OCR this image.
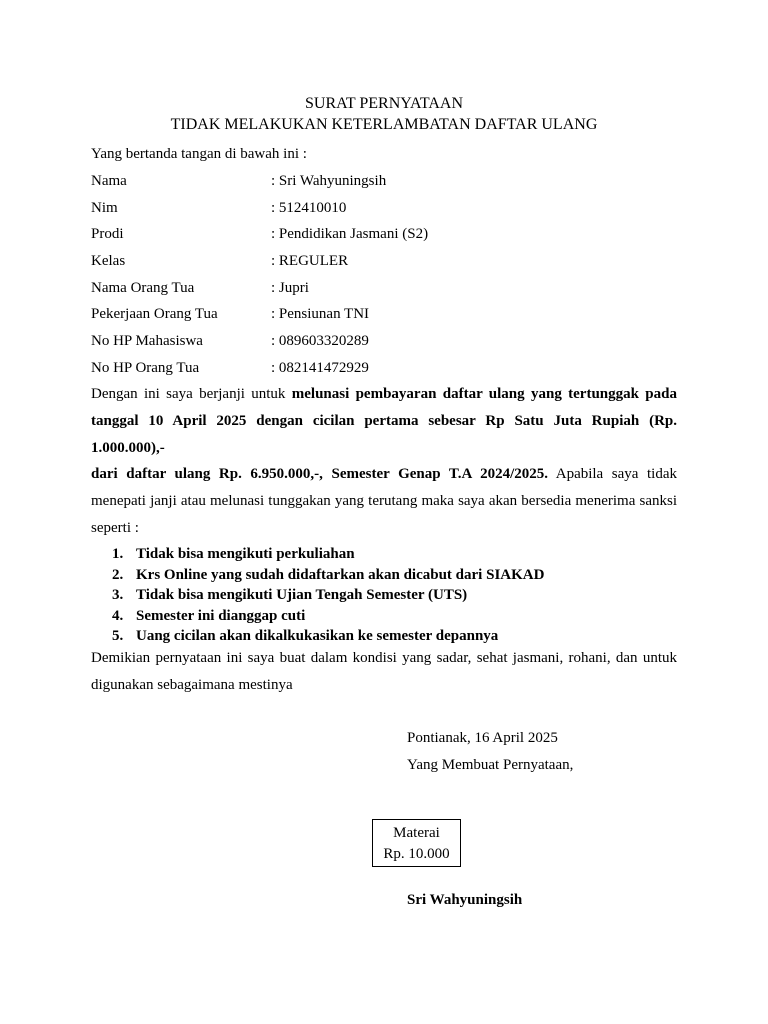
SURAT PERNYATAAN
TIDAK MELAKUKAN KETERLAMBATAN DAFTAR ULANG
Yang bertanda tangan di bawah ini :
Nama	: Sri Wahyuningsih
Nim	: 512410010
Prodi	: Pendidikan Jasmani (S2)
Kelas	: REGULER
Nama Orang Tua	: Jupri
Pekerjaan Orang Tua	: Pensiunan TNI
No HP Mahasiswa	: 089603320289
No HP Orang Tua	: 082141472929
Dengan ini saya berjanji untuk melunasi pembayaran daftar ulang yang tertunggak pada tanggal 10 April 2025 dengan cicilan pertama sebesar Rp Satu Juta Rupiah (Rp. 1.000.000),-
dari daftar ulang Rp. 6.950.000,-, Semester Genap T.A 2024/2025. Apabila saya tidak menepati janji atau melunasi tunggakan yang terutang maka saya akan bersedia menerima sanksi seperti :
1. Tidak bisa mengikuti perkuliahan
2. Krs Online yang sudah didaftarkan akan dicabut dari SIAKAD
3. Tidak bisa mengikuti Ujian Tengah Semester (UTS)
4. Semester ini dianggap cuti
5. Uang cicilan akan dikalkukasikan ke semester depannya
Demikian pernyataan ini saya buat dalam kondisi yang sadar, sehat jasmani, rohani, dan untuk digunakan sebagaimana mestinya
Pontianak, 16 April 2025
Yang Membuat Pernyataan,
Materai
Rp. 10.000
Sri Wahyuningsih
